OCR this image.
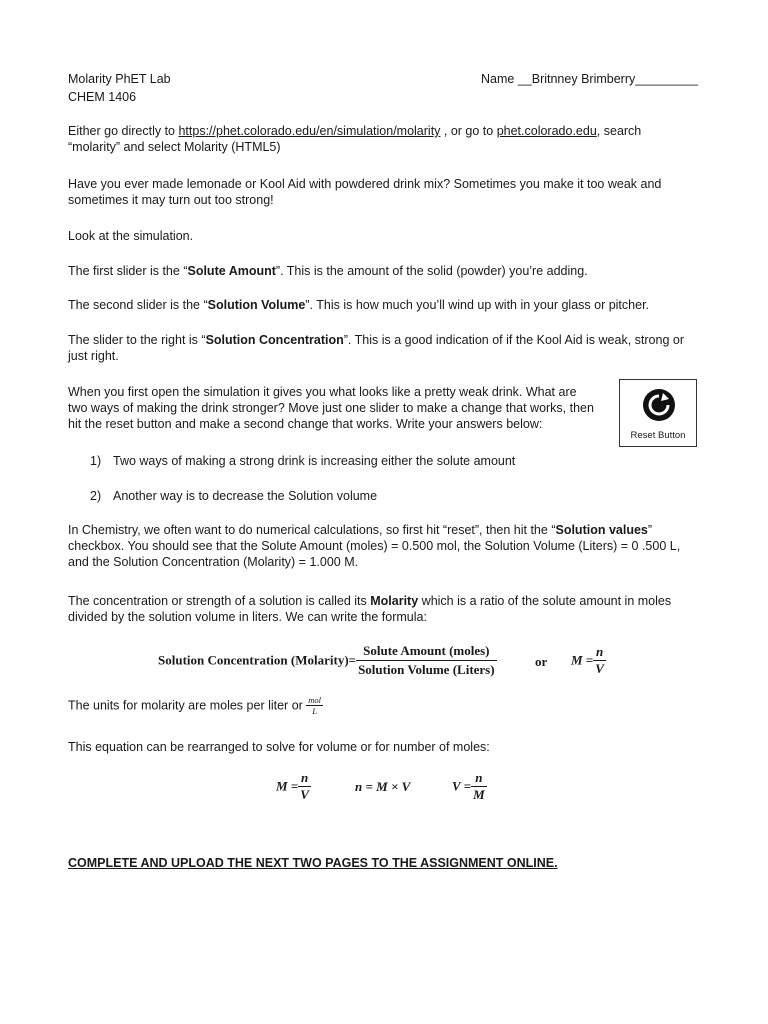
Molarity PhET Lab
CHEM 1406
Name __Britnney Brimberry_________

Either go directly to https://phet.colorado.edu/en/simulation/molarity , or go to phet.colorado.edu, search
“molarity” and select Molarity (HTML5)

Have you ever made lemonade or Kool Aid with powdered drink mix? Sometimes you make it too weak and
sometimes it may turn out too strong!

Look at the simulation.

The first slider is the “Solute Amount”. This is the amount of the solid (powder) you’re adding.

The second slider is the “Solution Volume”. This is how much you’ll wind up with in your glass or pitcher.

The slider to the right is “Solution Concentration”. This is a good indication of if the Kool Aid is weak, strong or
just right.

When you first open the simulation it gives you what looks like a pretty weak drink. What are
two ways of making the drink stronger? Move just one slider to make a change that works, then
hit the reset button and make a second change that works. Write your answers below:

Reset Button
1) Two ways of making a strong drink is increasing either the solute amount
2) Another way is to decrease the Solution volume

In Chemistry, we often want to do numerical calculations, so first hit “reset”, then hit the “Solution values”
checkbox. You should see that the Solute Amount (moles) = 0.500 mol, the Solution Volume (Liters) = 0 .500 L,
and the Solution Concentration (Molarity) = 1.000 M.

The concentration or strength of a solution is called its Molarity which is a ratio of the solute amount in moles
divided by the solution volume in liters. We can write the formula:

Solution Concentration (Molarity)= $\frac{\text{Solute Amount (moles)}}{\text{Solution Volume (Liters)}}$	or $M = \frac{n}{V}$
The units for molarity are moles per liter or $\frac{\text{mol}}{L}$

This equation can be rearranged to solve for volume or for number of moles:

$M = \frac{n}{V}$	n = M × V	$V = \frac{n}{M}$
COMPLETE AND UPLOAD THE NEXT TWO PAGES TO THE ASSIGNMENT ONLINE.
